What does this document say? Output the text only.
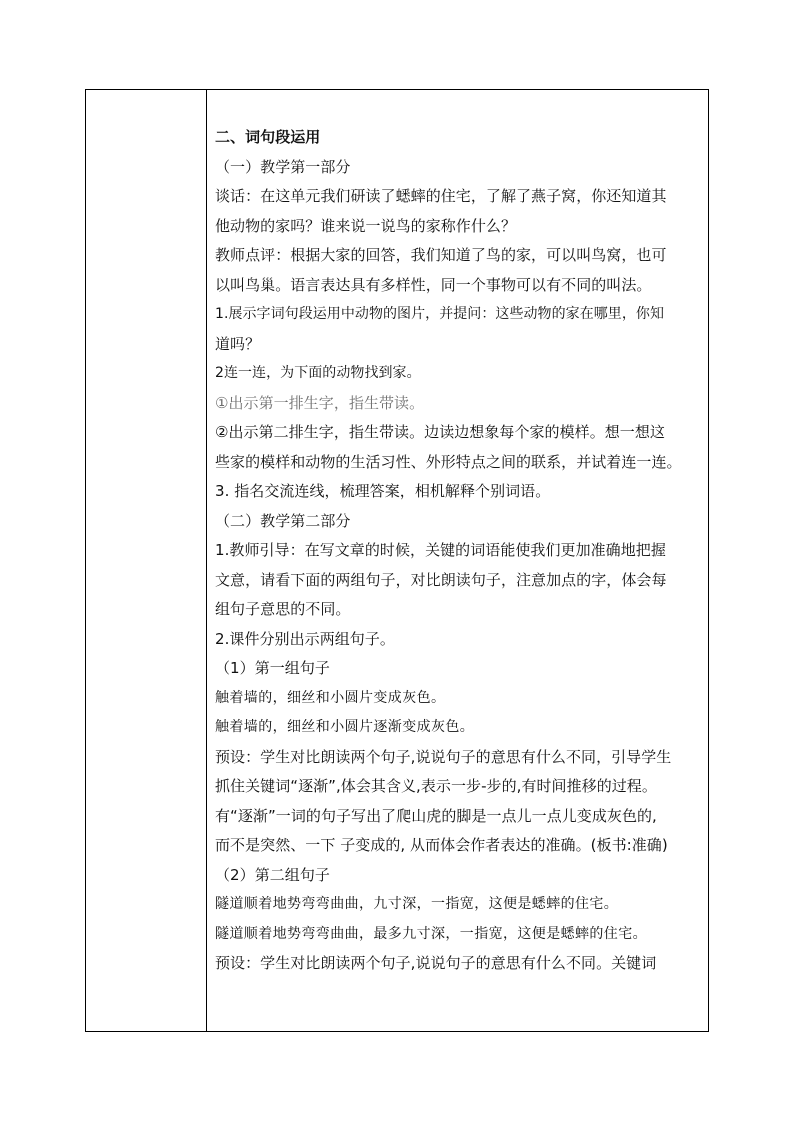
二、词句段运用
（一）教学第一部分
谈话：在这单元我们研读了蟋蟀的住宅，了解了燕子窝，你还知道其
他动物的家吗？谁来说一说鸟的家称作什么？
教师点评：根据大家的回答，我们知道了鸟的家，可以叫鸟窝，也可
以叫鸟巢。语言表达具有多样性，同一个事物可以有不同的叫法。
1.展示字词句段运用中动物的图片，并提问：这些动物的家在哪里，你知
道吗？
2连一连，为下面的动物找到家。
①出示第一排生字，指生带读。
②出示第二排生字，指生带读。边读边想象每个家的模样。想一想这
些家的模样和动物的生活习性、外形特点之间的联系，并试着连一连。
3. 指名交流连线，梳理答案，相机解释个别词语。
（二）教学第二部分
1.教师引导：在写文章的时候，关键的词语能使我们更加准确地把握
文意，请看下面的两组句子，对比朗读句子，注意加点的字，体会每
组句子意思的不同。
2.课件分别出示两组句子。
（1）第一组句子
触着墙的，细丝和小圆片变成灰色。
触着墙的，细丝和小圆片逐渐变成灰色。
预设：学生对比朗读两个句子,说说句子的意思有什么不同，引导学生
抓住关键词“逐渐”,体会其含义,表示一步-步的,有时间推移的过程。
有“逐渐”一词的句子写出了爬山虎的脚是一点儿一点儿变成灰色的,
而不是突然、一下 子变成的, 从而体会作者表达的准确。(板书:准确)
（2）第二组句子
隧道顺着地势弯弯曲曲，九寸深，一指宽，这便是蟋蟀的住宅。
隧道顺着地势弯弯曲曲，最多九寸深，一指宽，这便是蟋蟀的住宅。
预设：学生对比朗读两个句子,说说句子的意思有什么不同。关键词
